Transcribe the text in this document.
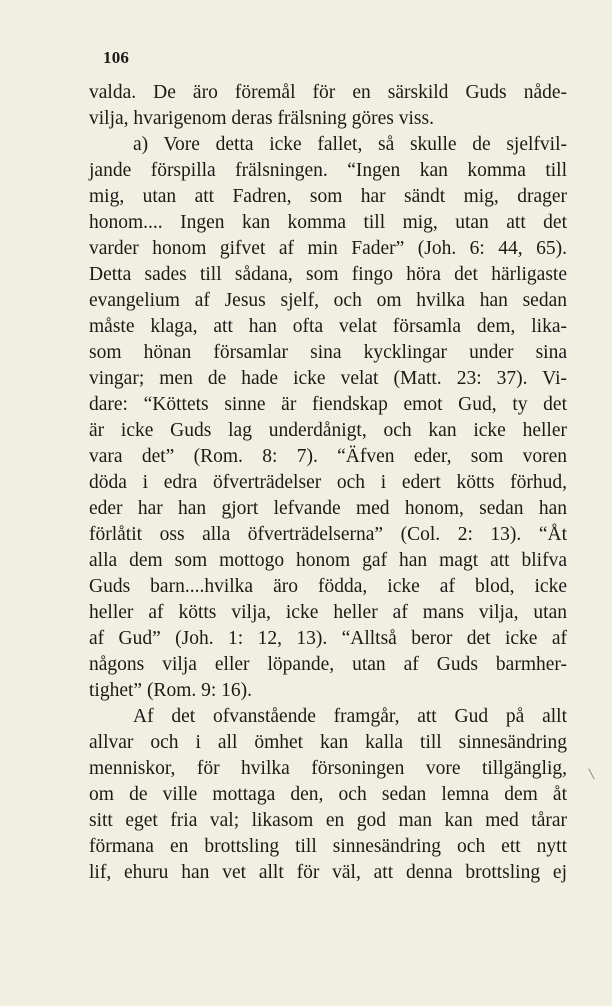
106
valda. De äro föremål för en särskild Guds nåde-
vilja, hvarigenom deras frälsning göres viss.
a) Vore detta icke fallet, så skulle de sjelfvil-
jande förspilla frälsningen. “Ingen kan komma till
mig, utan att Fadren, som har sändt mig, drager
honom.... Ingen kan komma till mig, utan att det
varder honom gifvet af min Fader” (Joh. 6: 44, 65).
Detta sades till sådana, som fingo höra det härligaste
evangelium af Jesus sjelf, och om hvilka han sedan
måste klaga, att han ofta velat församla dem, lika-
som hönan församlar sina kycklingar under sina
vingar; men de hade icke velat (Matt. 23: 37). Vi-
dare: “Köttets sinne är fiendskap emot Gud, ty det
är icke Guds lag underdånigt, och kan icke heller
vara det” (Rom. 8: 7). “Äfven eder, som voren
döda i edra öfverträdelser och i edert kötts förhud,
eder har han gjort lefvande med honom, sedan han
förlåtit oss alla öfverträdelserna” (Col. 2: 13). “Åt
alla dem som mottogo honom gaf han magt att blifva
Guds barn....hvilka äro födda, icke af blod, icke
heller af kötts vilja, icke heller af mans vilja, utan
af Gud” (Joh. 1: 12, 13). “Alltså beror det icke af
någons vilja eller löpande, utan af Guds barmher-
tighet” (Rom. 9: 16).
Af det ofvanstående framgår, att Gud på allt
allvar och i all ömhet kan kalla till sinnesändring
menniskor, för hvilka försoningen vore tillgänglig,
om de ville mottaga den, och sedan lemna dem åt
sitt eget fria val; likasom en god man kan med tårar
förmana en brottsling till sinnesändring och ett nytt
lif, ehuru han vet allt för väl, att denna brottsling ej
